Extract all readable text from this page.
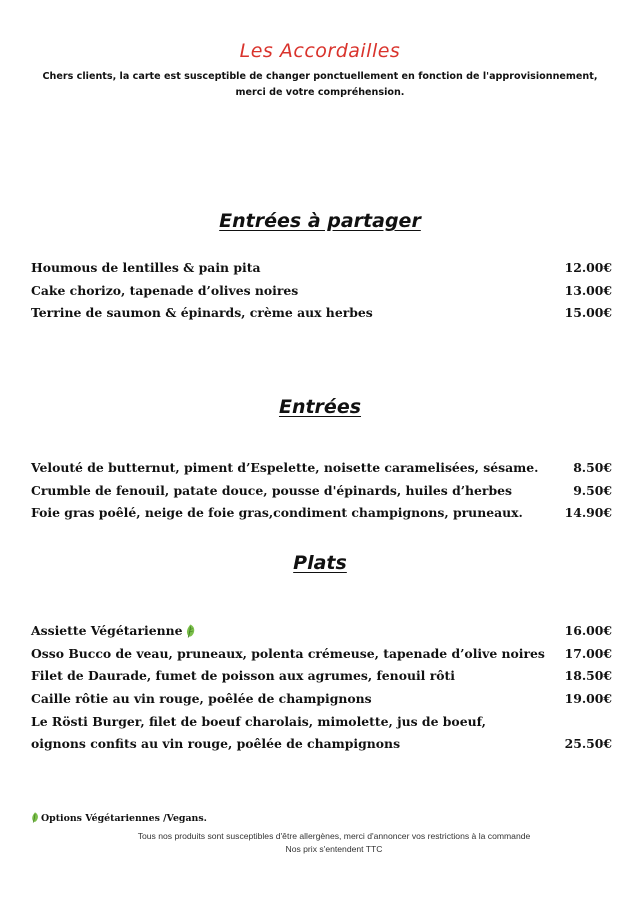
Les Accordailles
Chers clients, la carte est susceptible de changer ponctuellement en fonction de l'approvisionnement,
merci de votre compréhension.
Entrées à partager
Houmous de lentilles & pain pita	12.00€
Cake chorizo, tapenade d’olives noires	13.00€
Terrine de saumon & épinards, crème aux herbes	15.00€
Entrées
Velouté de butternut, piment d’Espelette, noisette caramelisées, sésame.	8.50€
Crumble de fenouil, patate douce, pousse d'épinards, huiles d’herbes	9.50€
Foie gras poêlé, neige de foie gras,condiment champignons, pruneaux.	14.90€
Plats
Assiette Végétarienne	16.00€
Osso Bucco de veau, pruneaux, polenta crémeuse, tapenade d’olive noires 17.00€
Filet de Daurade, fumet de poisson aux agrumes, fenouil rôti	18.50€
Caille rôtie au vin rouge, poêlée de champignons	19.00€
Le Rösti Burger, filet de boeuf charolais, mimolette, jus de boeuf,
oignons confits au vin rouge, poêlée de champignons	25.50€
Options Végétariennes /Vegans.
Tous nos produits sont susceptibles d'être allergènes, merci d'annoncer vos restrictions à la commande
Nos prix s'entendent TTC
